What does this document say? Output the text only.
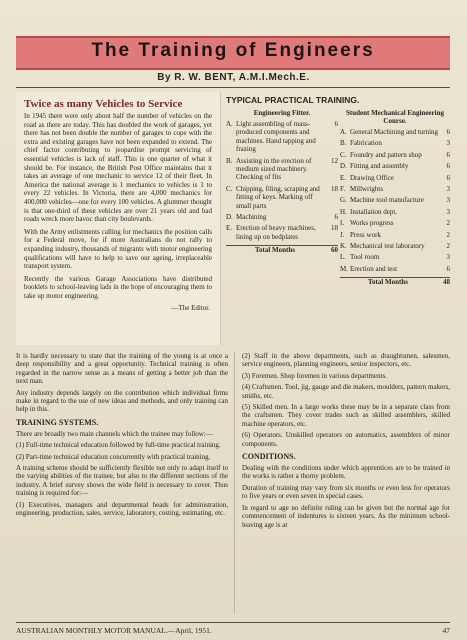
The Training of Engineers
By R. W. BENT, A.M.I.Mech.E.
Twice as many Vehicles to Service
In 1945 there were only about half the number of vehicles on the road as there are today. This has doubled the work of garages, yet there has not been double the number of garages to cope with the extra and existing garages have not been expanded to extend. The chief factor contributing to jeopardise prompt servicing of essential vehicles is lack of staff. This is one quarter of what it should be. For instance, the British Post Office maintains that it takes an average of one mechanic to service 12 of their fleet. In America the national average is 1 mechanics to vehicles is 1 to every 22 vehicles. In Victoria, there are 4,000 mechanics for 400,000 vehicles—one for every 100 vehicles. A glummer thought is that one-third of these vehicles are over 21 years old and bad roads wreck more havoc than city boulevards.
With the Army enlistments calling for mechanics the position calls for a Federal move, for if more Australians do not rally to expanding industry, thousands of migrants with motor engineering qualifications will have to help to save our ageing, irreplaceable transport system.
Recently the various Garage Associations have distributed booklets to school-leaving lads in the hope of encouraging them to take up motor engineering.
—The Editor.
TYPICAL PRACTICAL TRAINING.
Engineering Fitter.
A. Light assembling of mass-produced components and machines. Hand tapping and frazing
6
B. Assisting in the erection of medium sized machinery. Checking of fits
12
C. Chipping, filing, scraping and fitting of keys. Marking off small parts
18
D. Machining	6
E. Erection of heavy machines, lining up on bedplates
18
Total Months	60
Student Mechanical Engineering Course.
A. General Machining and turning	6
B. Fabrication	3
C. Foundry and pattern shop	6
D. Fitting and assembly	6
E. Drawing Office	6
F. Millwrights	3
G. Machine tool manufacture	3
H. Installation dept.	3
I. Works progress	2
J. Press work	2
K. Mechanical test laboratory	2
L. Tool room	3
M. Erection and test	6
Total Months	48

It is hardly necessary to state that the training of the young is at once a deep responsibility and a great opportunity. Technical training is often regarded in the narrow sense as a means of getting a better job than the next man.

Any industry depends largely on the contribution which individual firms make in regard to the use of new ideas and methods, and only training can help in this.

TRAINING SYSTEMS.

There are broadly two main channels which the trainee may follow:—

(1) Full-time technical education followed by full-time practical training.

(2) Part-time technical education concurrently with practical training.

A training scheme should be sufficiently flexible not only to adapt itself to the varying abilities of the trainee, but also to the different sections of the industry. A brief survey shows the wide field is necessary to cover. Thus training is required for:—

(1) Executives, managers and departmental heads for administration, engineering, production, sales, service, laboratory, costing, estimating, etc.

(2) Staff in the above departments, such as draughtsmen, salesmen, service engineers, planning engineers, senior inspectors, etc.

(3) Foremen. Shop foremen in various departments.

(4) Craftsmen. Tool, jig, gauge and die makers, moulders, pattern makers, smiths, etc.

(5) Skilled men. In a large works these may be in a separate class from the craftsmen. They cover trades such as skilled assemblers, skilled machine operators, etc.

(6) Operators. Unskilled operators on automatics, assemblers of minor components.

CONDITIONS.

Dealing with the conditions under which apprentices are to be trained in the works is rather a thorny problem.

Duration of training may vary from six months or even less for operators to five years or even seven in special cases.

In regard to age no definite ruling can be given but the normal age for commencement of indentures is sixteen years. As the minimum school-leaving age is at

AUSTRALIAN MONTHLY MOTOR MANUAL.—April, 1951.	47
